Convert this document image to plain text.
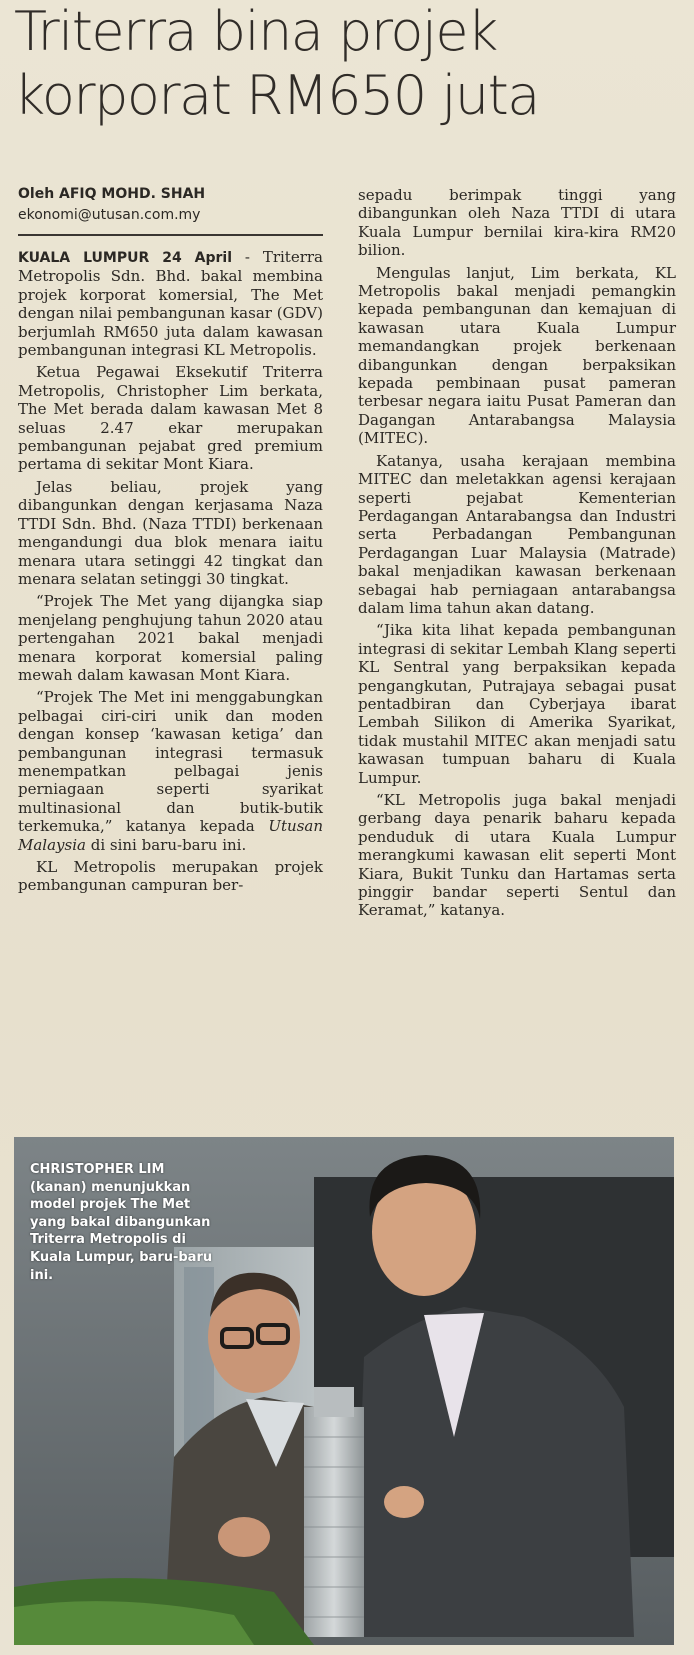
Triterra bina projek
korporat RM650 juta
Oleh AFIQ MOHD. SHAH
ekonomi@utusan.com.my

KUALA LUMPUR 24 April - Triterra Metropolis Sdn. Bhd. bakal membina projek korporat komersial, The Met dengan nilai pembangunan kasar (GDV) berjumlah RM650 juta dalam kawasan pembangunan integrasi KL Metropolis.

Ketua Pegawai Eksekutif Triterra Metropolis, Christopher Lim berkata, The Met berada dalam kawasan Met 8 seluas 2.47 ekar merupakan pembangunan pejabat gred premium pertama di sekitar Mont Kiara.

Jelas beliau, projek yang dibangunkan dengan kerjasama Naza TTDI Sdn. Bhd. (Naza TTDI) berkenaan mengandungi dua blok menara iaitu menara utara setinggi 42 tingkat dan menara selatan setinggi 30 tingkat.

“Projek The Met yang dijangka siap menjelang penghujung tahun 2020 atau pertengahan 2021 bakal menjadi menara korporat komersial paling mewah dalam kawasan Mont Kiara.

“Projek The Met ini menggabungkan pelbagai ciri-ciri unik dan moden dengan konsep ‘kawasan ketiga’ dan pembangunan integrasi termasuk menempatkan pelbagai jenis perniagaan seperti syarikat multinasional dan butik-butik terkemuka,” katanya kepada Utusan Malaysia di sini baru-baru ini.

KL Metropolis merupakan projek pembangunan campuran ber-

sepadu berimpak tinggi yang dibangunkan oleh Naza TTDI di utara Kuala Lumpur bernilai kira-kira RM20 bilion.

Mengulas lanjut, Lim berkata, KL Metropolis bakal menjadi pemangkin kepada pembangunan dan kemajuan di kawasan utara Kuala Lumpur memandangkan projek berkenaan dibangunkan dengan berpaksikan kepada pembinaan pusat pameran terbesar negara iaitu Pusat Pameran dan Dagangan Antarabangsa Malaysia (MITEC).

Katanya, usaha kerajaan membina MITEC dan meletakkan agensi kerajaan seperti pejabat Kementerian Perdagangan Antarabangsa dan Industri serta Perbadangan Pembangunan Perdagangan Luar Malaysia (Matrade) bakal menjadikan kawasan berkenaan sebagai hab perniagaan antarabangsa dalam lima tahun akan datang.

“Jika kita lihat kepada pembangunan integrasi di sekitar Lembah Klang seperti KL Sentral yang berpaksikan kepada pengangkutan, Putrajaya sebagai pusat pentadbiran dan Cyberjaya ibarat Lembah Silikon di Amerika Syarikat, tidak mustahil MITEC akan menjadi satu kawasan tumpuan baharu di Kuala Lumpur.

“KL Metropolis juga bakal menjadi gerbang daya penarik baharu kepada penduduk di utara Kuala Lumpur merangkumi kawasan elit seperti Mont Kiara, Bukit Tunku dan Hartamas serta pinggir bandar seperti Sentul dan Keramat,” katanya.

CHRISTOPHER LIM (kanan) menunjukkan model projek The Met yang bakal dibangunkan Triterra Metropolis di Kuala Lumpur, baru-baru ini.
